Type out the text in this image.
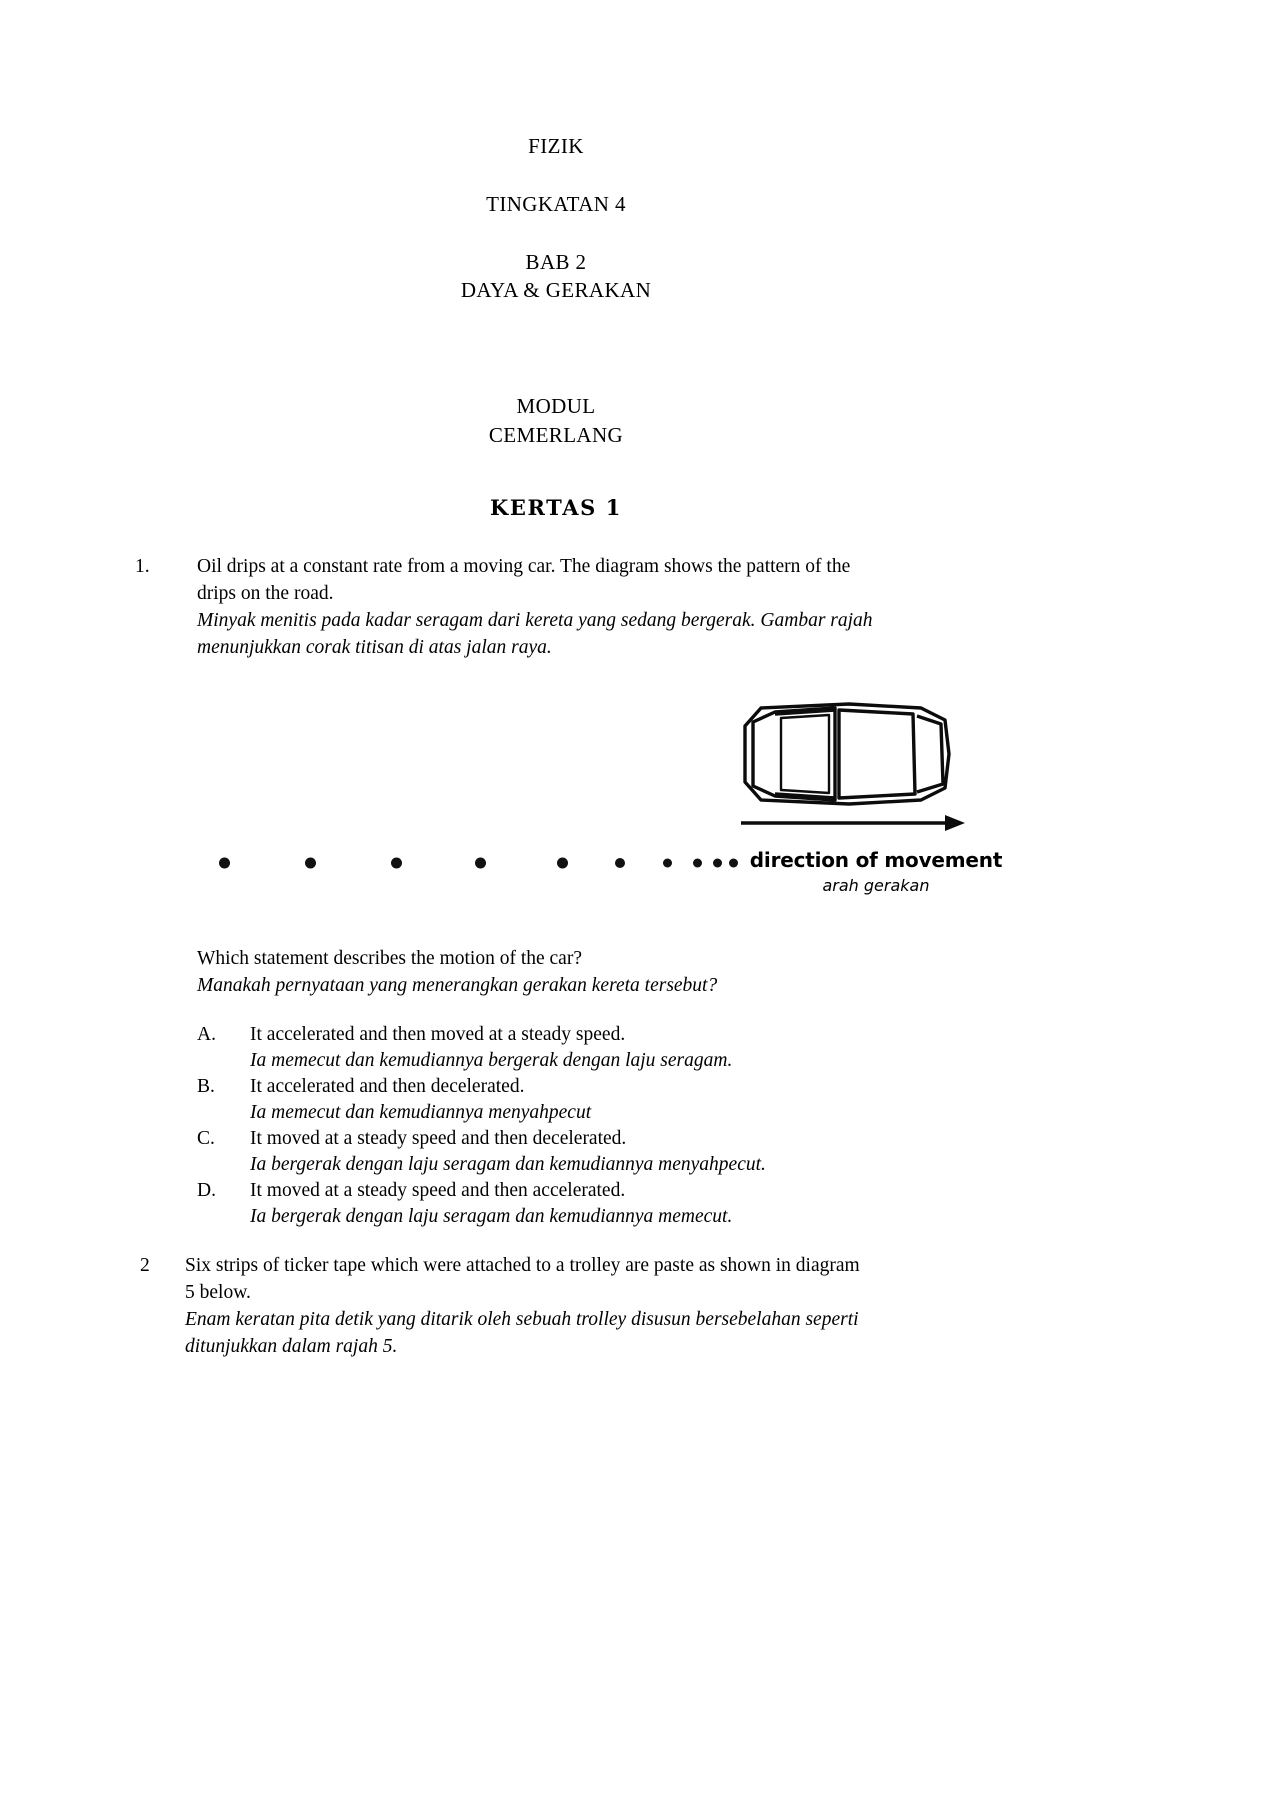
FIZIK
TINGKATAN 4
BAB 2
DAYA & GERAKAN
MODUL
CEMERLANG
KERTAS 1
1.	Oil drips at a constant rate from a moving car. The diagram shows the pattern of the
drips on the road.
Minyak menitis pada kadar seragam dari kereta yang sedang bergerak. Gambar rajah
menunjukkan corak titisan di atas jalan raya.
direction of movement
arah gerakan
Which statement describes the motion of the car?
Manakah pernyataan yang menerangkan gerakan kereta tersebut?
A.	It accelerated and then moved at a steady speed.
Ia memecut dan kemudiannya bergerak dengan laju seragam.
B.	It accelerated and then decelerated.
Ia memecut dan kemudiannya menyahpecut
C.	It moved at a steady speed and then decelerated.
Ia bergerak dengan laju seragam dan kemudiannya menyahpecut.
D.	It moved at a steady speed and then accelerated.
Ia bergerak dengan laju seragam dan kemudiannya memecut.
2	Six strips of ticker tape which were attached to a trolley are paste as shown in diagram
5 below.
Enam keratan pita detik yang ditarik oleh sebuah trolley disusun bersebelahan seperti
ditunjukkan dalam rajah 5.
